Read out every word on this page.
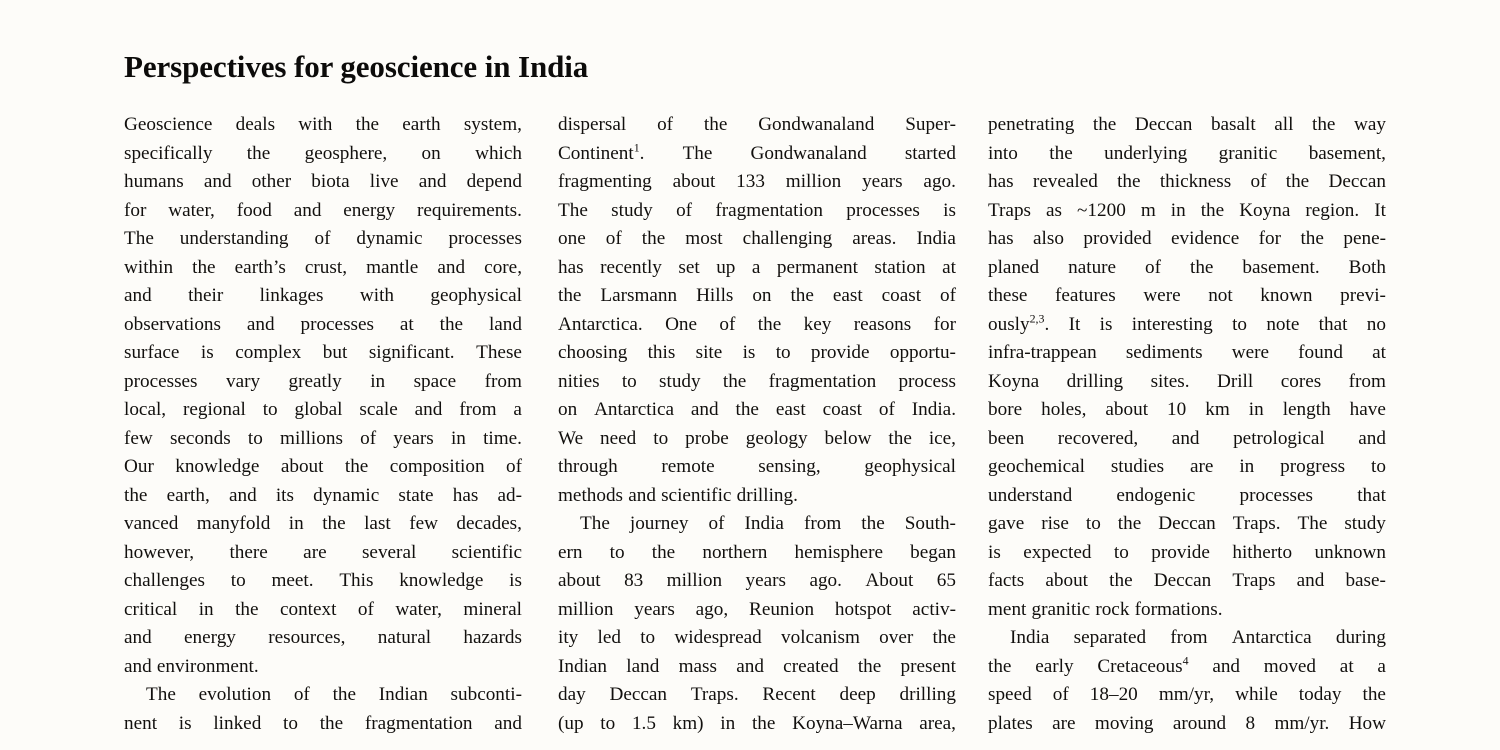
Perspectives for geoscience in India
Geoscience deals with the earth system,
specifically the geosphere, on which
humans and other biota live and depend
for water, food and energy requirements.
The understanding of dynamic processes
within the earth’s crust, mantle and core,
and their linkages with geophysical
observations and processes at the land
surface is complex but significant. These
processes vary greatly in space from
local, regional to global scale and from a
few seconds to millions of years in time.
Our knowledge about the composition of
the earth, and its dynamic state has ad-
vanced manyfold in the last few decades,
however, there are several scientific
challenges to meet. This knowledge is
critical in the context of water, mineral
and energy resources, natural hazards
and environment.
The evolution of the Indian subconti-
nent is linked to the fragmentation and
dispersal of the Gondwanaland Super-
Continent$^1$. The Gondwanaland started
fragmenting about 133 million years ago.
The study of fragmentation processes is
one of the most challenging areas. India
has recently set up a permanent station at
the Larsmann Hills on the east coast of
Antarctica. One of the key reasons for
choosing this site is to provide opportu-
nities to study the fragmentation process
on Antarctica and the east coast of India.
We need to probe geology below the ice,
through remote sensing, geophysical
methods and scientific drilling.
The journey of India from the South-
ern to the northern hemisphere began
about 83 million years ago. About 65
million years ago, Reunion hotspot activ-
ity led to widespread volcanism over the
Indian land mass and created the present
day Deccan Traps. Recent deep drilling
(up to 1.5 km) in the Koyna–Warna area,
penetrating the Deccan basalt all the way
into the underlying granitic basement,
has revealed the thickness of the Deccan
Traps as ~1200 m in the Koyna region. It
has also provided evidence for the pene-
planed nature of the basement. Both
these features were not known previ-
ously$^{2,3}$. It is interesting to note that no
infra-trappean sediments were found at
Koyna drilling sites. Drill cores from
bore holes, about 10 km in length have
been recovered, and petrological and
geochemical studies are in progress to
understand endogenic processes that
gave rise to the Deccan Traps. The study
is expected to provide hitherto unknown
facts about the Deccan Traps and base-
ment granitic rock formations.
India separated from Antarctica during
the early Cretaceous$^4$ and moved at a
speed of 18–20 mm/yr, while today the
plates are moving around 8 mm/yr. How
